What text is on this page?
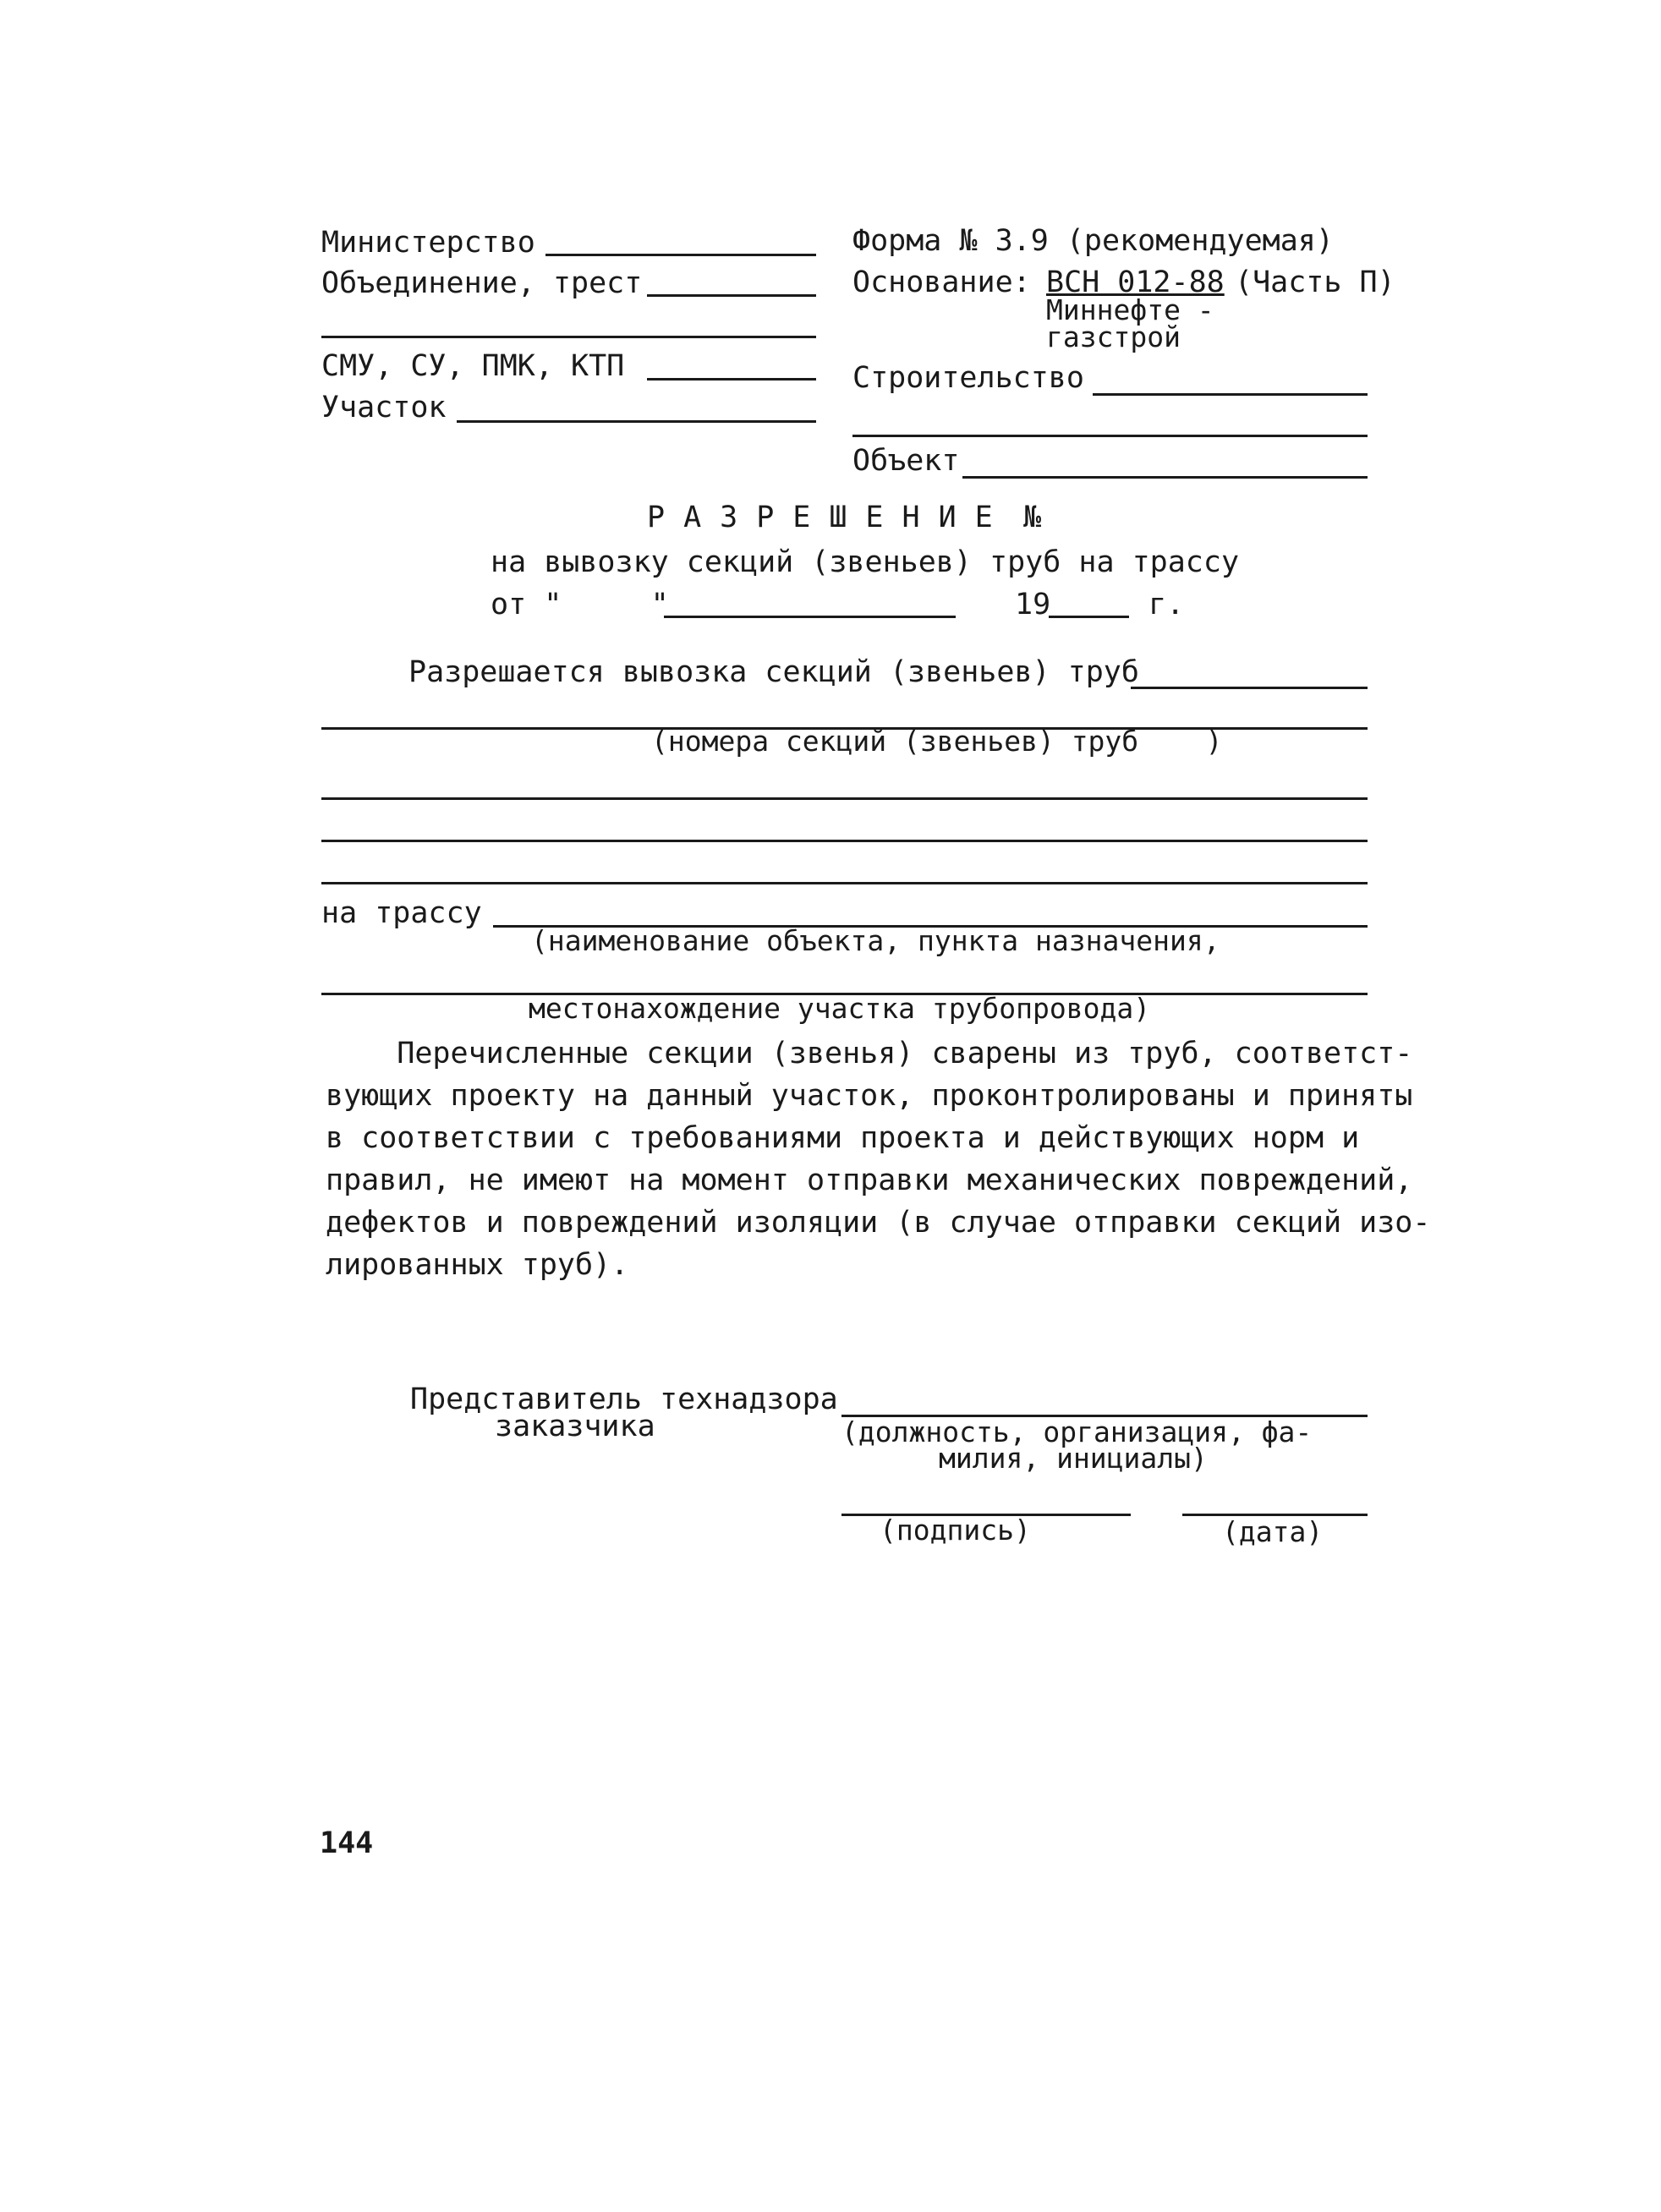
Министерство
Объединение, трест
СМУ, СУ, ПМК, КТП
Участок
Форма № 3.9 (рекомендуемая)
Основание: ВСН 012-88 (Часть П)
Миннефте -
газстрой
Строительство
Объект
РАЗРЕШЕНИЕ №
на вывозку секций (звеньев) труб на трассу
от "     "	19	г.
Разрешается вывозка секций (звеньев) труб
(номера секций (звеньев) труб    )
на трассу
(наименование объекта, пункта назначения,
местонахождение участка трубопровода)
Перечисленные секции (звенья) сварены из труб, соответст-
вующих проекту на данный участок, проконтролированы и приняты
в соответствии с требованиями проекта и действующих норм и
правил, не имеют на момент отправки механических повреждений,
дефектов и повреждений изоляции (в случае отправки секций изо-
лированных труб).
Представитель технадзора
заказчика	(должность, организация, фа-
милия, инициалы)
(подпись)	(дата)
144
